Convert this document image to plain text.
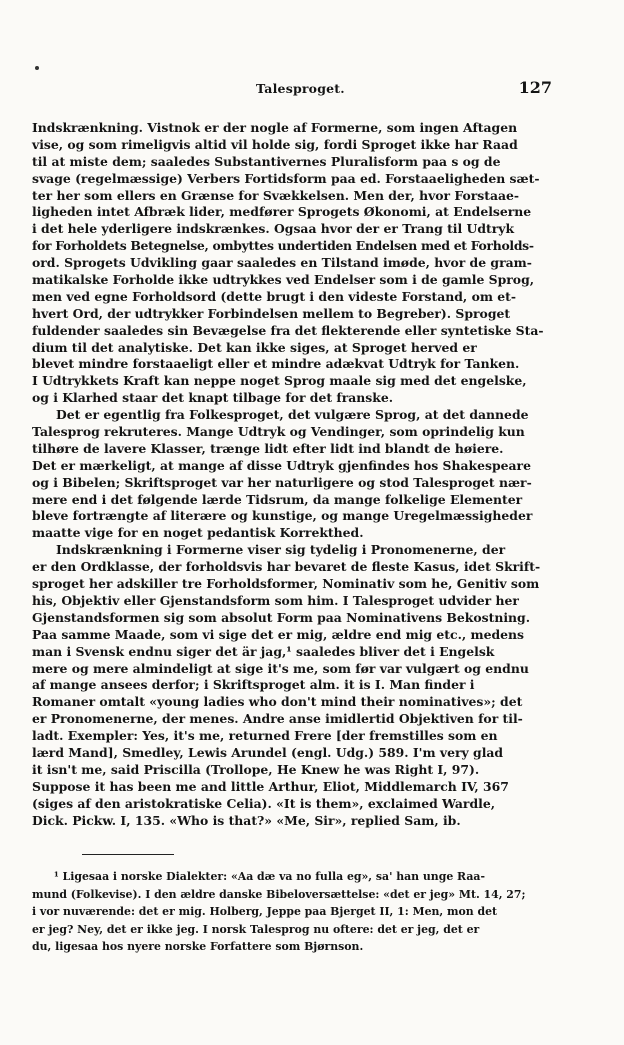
Talesproget.	127
Indskrænkning. Vistnok er der nogle af Formerne, som ingen Aftagen
vise, og som rimeligvis altid vil holde sig, fordi Sproget ikke har Raad
til at miste dem; saaledes Substantivernes Pluralisform paa s og de
svage (regelmæssige) Verbers Fortidsform paa ed. Forstaaeligheden sæt-
ter her som ellers en Grænse for Svækkelsen. Men der, hvor Forstaae-
ligheden intet Afbræk lider, medfører Sprogets Økonomi, at Endelserne
i det hele yderligere indskrænkes. Ogsaa hvor der er Trang til Udtryk
for Forholdets Betegnelse, ombyttes undertiden Endelsen med et Forholds-
ord. Sprogets Udvikling gaar saaledes en Tilstand imøde, hvor de gram-
matikalske Forholde ikke udtrykkes ved Endelser som i de gamle Sprog,
men ved egne Forholdsord (dette brugt i den videste Forstand, om et-
hvert Ord, der udtrykker Forbindelsen mellem to Begreber). Sproget
fuldender saaledes sin Bevægelse fra det flekterende eller syntetiske Sta-
dium til det analytiske. Det kan ikke siges, at Sproget herved er
blevet mindre forstaaeligt eller et mindre adækvat Udtryk for Tanken.
I Udtrykkets Kraft kan neppe noget Sprog maale sig med det engelske,
og i Klarhed staar det knapt tilbage for det franske.
Det er egentlig fra Folkesproget, det vulgære Sprog, at det dannede
Talesprog rekruteres. Mange Udtryk og Vendinger, som oprindelig kun
tilhøre de lavere Klasser, trænge lidt efter lidt ind blandt de høiere.
Det er mærkeligt, at mange af disse Udtryk gjenfindes hos Shakespeare
og i Bibelen; Skriftsproget var her naturligere og stod Talesproget nær-
mere end i det følgende lærde Tidsrum, da mange folkelige Elementer
bleve fortrængte af literære og kunstige, og mange Uregelmæssigheder
maatte vige for en noget pedantisk Korrekthed.
Indskrænkning i Formerne viser sig tydelig i Pronomenerne, der
er den Ordklasse, der forholdsvis har bevaret de fleste Kasus, idet Skrift-
sproget her adskiller tre Forholdsformer, Nominativ som he, Genitiv som
his, Objektiv eller Gjenstandsform som him. I Talesproget udvider her
Gjenstandsformen sig som absolut Form paa Nominativens Bekostning.
Paa samme Maade, som vi sige det er mig, ældre end mig etc., medens
man i Svensk endnu siger det är jag,¹ saaledes bliver det i Engelsk
mere og mere almindeligt at sige it's me, som før var vulgært og endnu
af mange ansees derfor; i Skriftsproget alm. it is I. Man finder i
Romaner omtalt «young ladies who don't mind their nominatives»; det
er Pronomenerne, der menes. Andre anse imidlertid Objektiven for til-
ladt. Exempler: Yes, it's me, returned Frere [der fremstilles som en
lærd Mand], Smedley, Lewis Arundel (engl. Udg.) 589. I'm very glad
it isn't me, said Priscilla (Trollope, He Knew he was Right I, 97).
Suppose it has been me and little Arthur, Eliot, Middlemarch IV, 367
(siges af den aristokratiske Celia). «It is them», exclaimed Wardle,
Dick. Pickw. I, 135. «Who is that?» «Me, Sir», replied Sam, ib.
¹ Ligesaa i norske Dialekter: «Aa dæ va no fulla eg», sa' han unge Raa-
mund (Folkevise). I den ældre danske Bibeloversættelse: «det er jeg» Mt. 14, 27;
i vor nuværende: det er mig. Holberg, Jeppe paa Bjerget II, 1: Men, mon det
er jeg? Ney, det er ikke jeg. I norsk Talesprog nu oftere: det er jeg, det er
du, ligesaa hos nyere norske Forfattere som Bjørnson.
